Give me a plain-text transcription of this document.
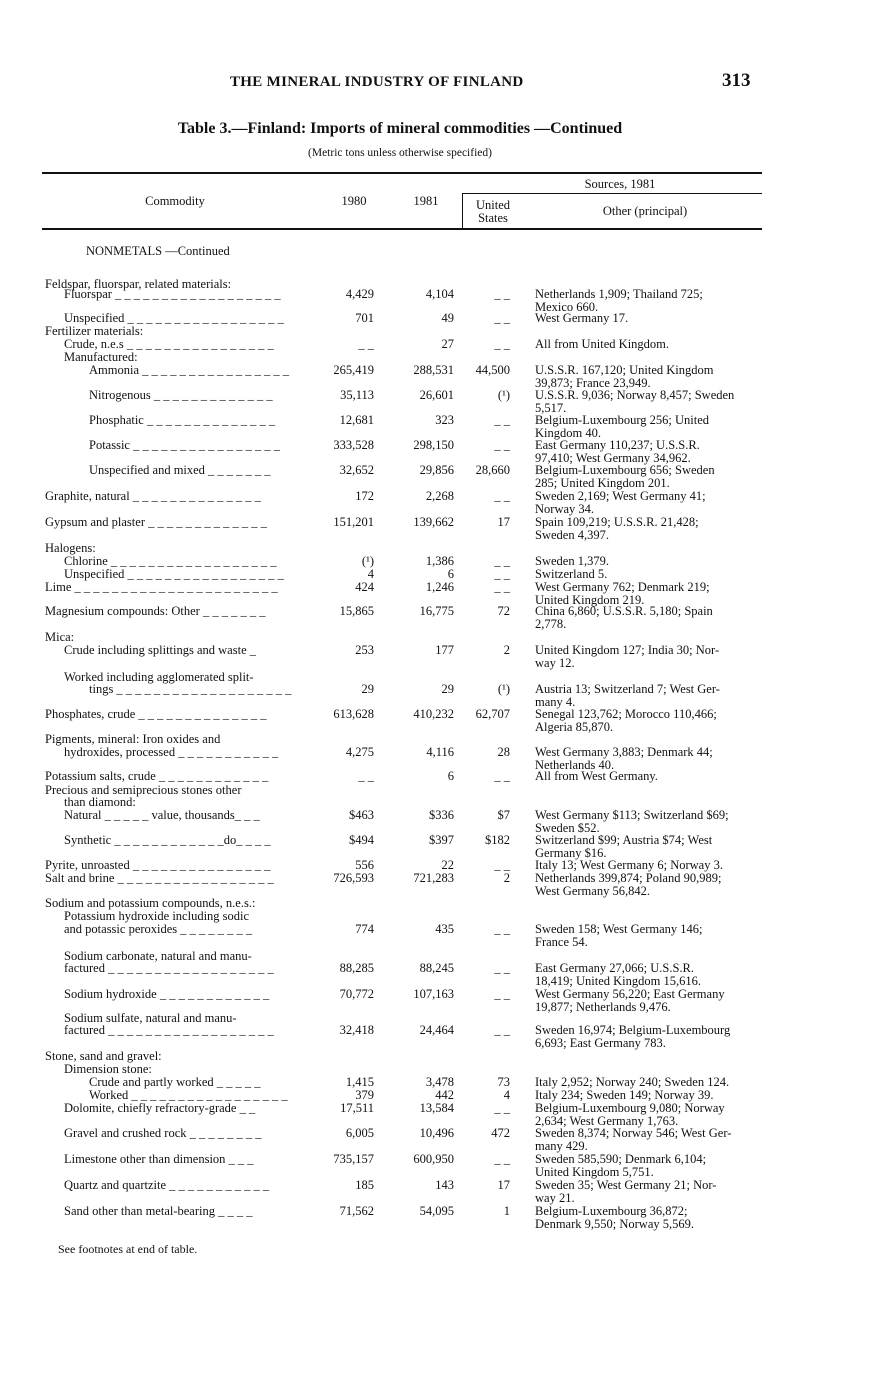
THE MINERAL INDUSTRY OF FINLAND	313
Table 3.—Finland: Imports of mineral commodities —Continued
(Metric tons unless otherwise specified)
Commodity	1980	1981
Sources, 1981
United
States	Other (principal)
NONMETALS —Continued
Feldspar, fluorspar, related materials:
Fluorspar _ _ _ _ _ _ _ _ _ _ _ _ _ _ _ _ _ _	4,429	4,104	_ _ Netherlands 1,909; Thailand 725;
Mexico 660.
Unspecified _ _ _ _ _ _ _ _ _ _ _ _ _ _ _ _ _	701	49	_ _ West Germany 17.
Fertilizer materials:
Crude, n.e.s _ _ _ _ _ _ _ _ _ _ _ _ _ _ _ _	_ _	27	_ _ All from United Kingdom.
Manufactured:
Ammonia _ _ _ _ _ _ _ _ _ _ _ _ _ _ _ _	265,419	288,531	44,500 U.S.S.R. 167,120; United Kingdom
39,873; France 23,949.
Nitrogenous _ _ _ _ _ _ _ _ _ _ _ _ _	35,113	26,601	(¹) U.S.S.R. 9,036; Norway 8,457; Sweden
5,517.
Phosphatic _ _ _ _ _ _ _ _ _ _ _ _ _ _	12,681	323	_ _ Belgium-Luxembourg 256; United
Kingdom 40.
Potassic _ _ _ _ _ _ _ _ _ _ _ _ _ _ _ _	333,528	298,150	_ _ East Germany 110,237; U.S.S.R.
97,410; West Germany 34,962.
Unspecified and mixed _ _ _ _ _ _ _	32,652	29,856	28,660 Belgium-Luxembourg 656; Sweden
285; United Kingdom 201.
Graphite, natural _ _ _ _ _ _ _ _ _ _ _ _ _ _	172	2,268	_ _ Sweden 2,169; West Germany 41;
Norway 34.
Gypsum and plaster _ _ _ _ _ _ _ _ _ _ _ _ _	151,201	139,662	17 Spain 109,219; U.S.S.R. 21,428;
Sweden 4,397.
Halogens:
Chlorine _ _ _ _ _ _ _ _ _ _ _ _ _ _ _ _ _ _	(¹)	1,386	_ _ Sweden 1,379.
Unspecified _ _ _ _ _ _ _ _ _ _ _ _ _ _ _ _ _	4	6	_ _ Switzerland 5.
Lime _ _ _ _ _ _ _ _ _ _ _ _ _ _ _ _ _ _ _ _ _ _	424	1,246	_ _ West Germany 762; Denmark 219;
United Kingdom 219.
Magnesium compounds: Other _ _ _ _ _ _ _	15,865	16,775	72 China 6,860; U.S.S.R. 5,180; Spain
2,778.
Mica:
Crude including splittings and waste _	253	177	2 United Kingdom 127; India 30; Nor-
way 12.
Worked including agglomerated split-
tings _ _ _ _ _ _ _ _ _ _ _ _ _ _ _ _ _ _ _	29	29	(¹) Austria 13; Switzerland 7; West Ger-
many 4.
Phosphates, crude _ _ _ _ _ _ _ _ _ _ _ _ _ _	613,628	410,232	62,707 Senegal 123,762; Morocco 110,466;
Algeria 85,870.
Pigments, mineral: Iron oxides and
hydroxides, processed _ _ _ _ _ _ _ _ _ _ _	4,275	4,116	28 West Germany 3,883; Denmark 44;
Netherlands 40.
Potassium salts, crude _ _ _ _ _ _ _ _ _ _ _ _	_ _	6	_ _ All from West Germany.
Precious and semiprecious stones other
than diamond:
Natural _ _ _ _ _ value, thousands_ _ _	$463	$336	$7 West Germany $113; Switzerland $69;
Sweden $52.
Synthetic _ _ _ _ _ _ _ _ _ _ _ _do_ _ _ _	$494	$397	$182 Switzerland $99; Austria $74; West
Germany $16.
Pyrite, unroasted _ _ _ _ _ _ _ _ _ _ _ _ _ _ _	556	22	_ _ Italy 13; West Germany 6; Norway 3.
Salt and brine _ _ _ _ _ _ _ _ _ _ _ _ _ _ _ _ _	726,593	721,283	2 Netherlands 399,874; Poland 90,989;
West Germany 56,842.
Sodium and potassium compounds, n.e.s.:
Potassium hydroxide including sodic
and potassic peroxides _ _ _ _ _ _ _ _	774	435	_ _ Sweden 158; West Germany 146;
France 54.
Sodium carbonate, natural and manu-
factured _ _ _ _ _ _ _ _ _ _ _ _ _ _ _ _ _ _	88,285	88,245	_ _ East Germany 27,066; U.S.S.R.
18,419; United Kingdom 15,616.
Sodium hydroxide _ _ _ _ _ _ _ _ _ _ _ _	70,772	107,163	_ _ West Germany 56,220; East Germany
19,877; Netherlands 9,476.
Sodium sulfate, natural and manu-
factured _ _ _ _ _ _ _ _ _ _ _ _ _ _ _ _ _ _	32,418	24,464	_ _ Sweden 16,974; Belgium-Luxembourg
6,693; East Germany 783.
Stone, sand and gravel:
Dimension stone:
Crude and partly worked _ _ _ _ _	1,415	3,478	73 Italy 2,952; Norway 240; Sweden 124.
Worked _ _ _ _ _ _ _ _ _ _ _ _ _ _ _ _ _	379	442	4 Italy 234; Sweden 149; Norway 39.
Dolomite, chiefly refractory-grade _ _	17,511	13,584	_ _ Belgium-Luxembourg 9,080; Norway
2,634; West Germany 1,763.
Gravel and crushed rock _ _ _ _ _ _ _ _	6,005	10,496	472 Sweden 8,374; Norway 546; West Ger-
many 429.
Limestone other than dimension _ _ _	735,157	600,950	_ _ Sweden 585,590; Denmark 6,104;
United Kingdom 5,751.
Quartz and quartzite _ _ _ _ _ _ _ _ _ _ _	185	143	17 Sweden 35; West Germany 21; Nor-
way 21.
Sand other than metal-bearing _ _ _ _	71,562	54,095	1 Belgium-Luxembourg 36,872;
Denmark 9,550; Norway 5,569.
See footnotes at end of table.
